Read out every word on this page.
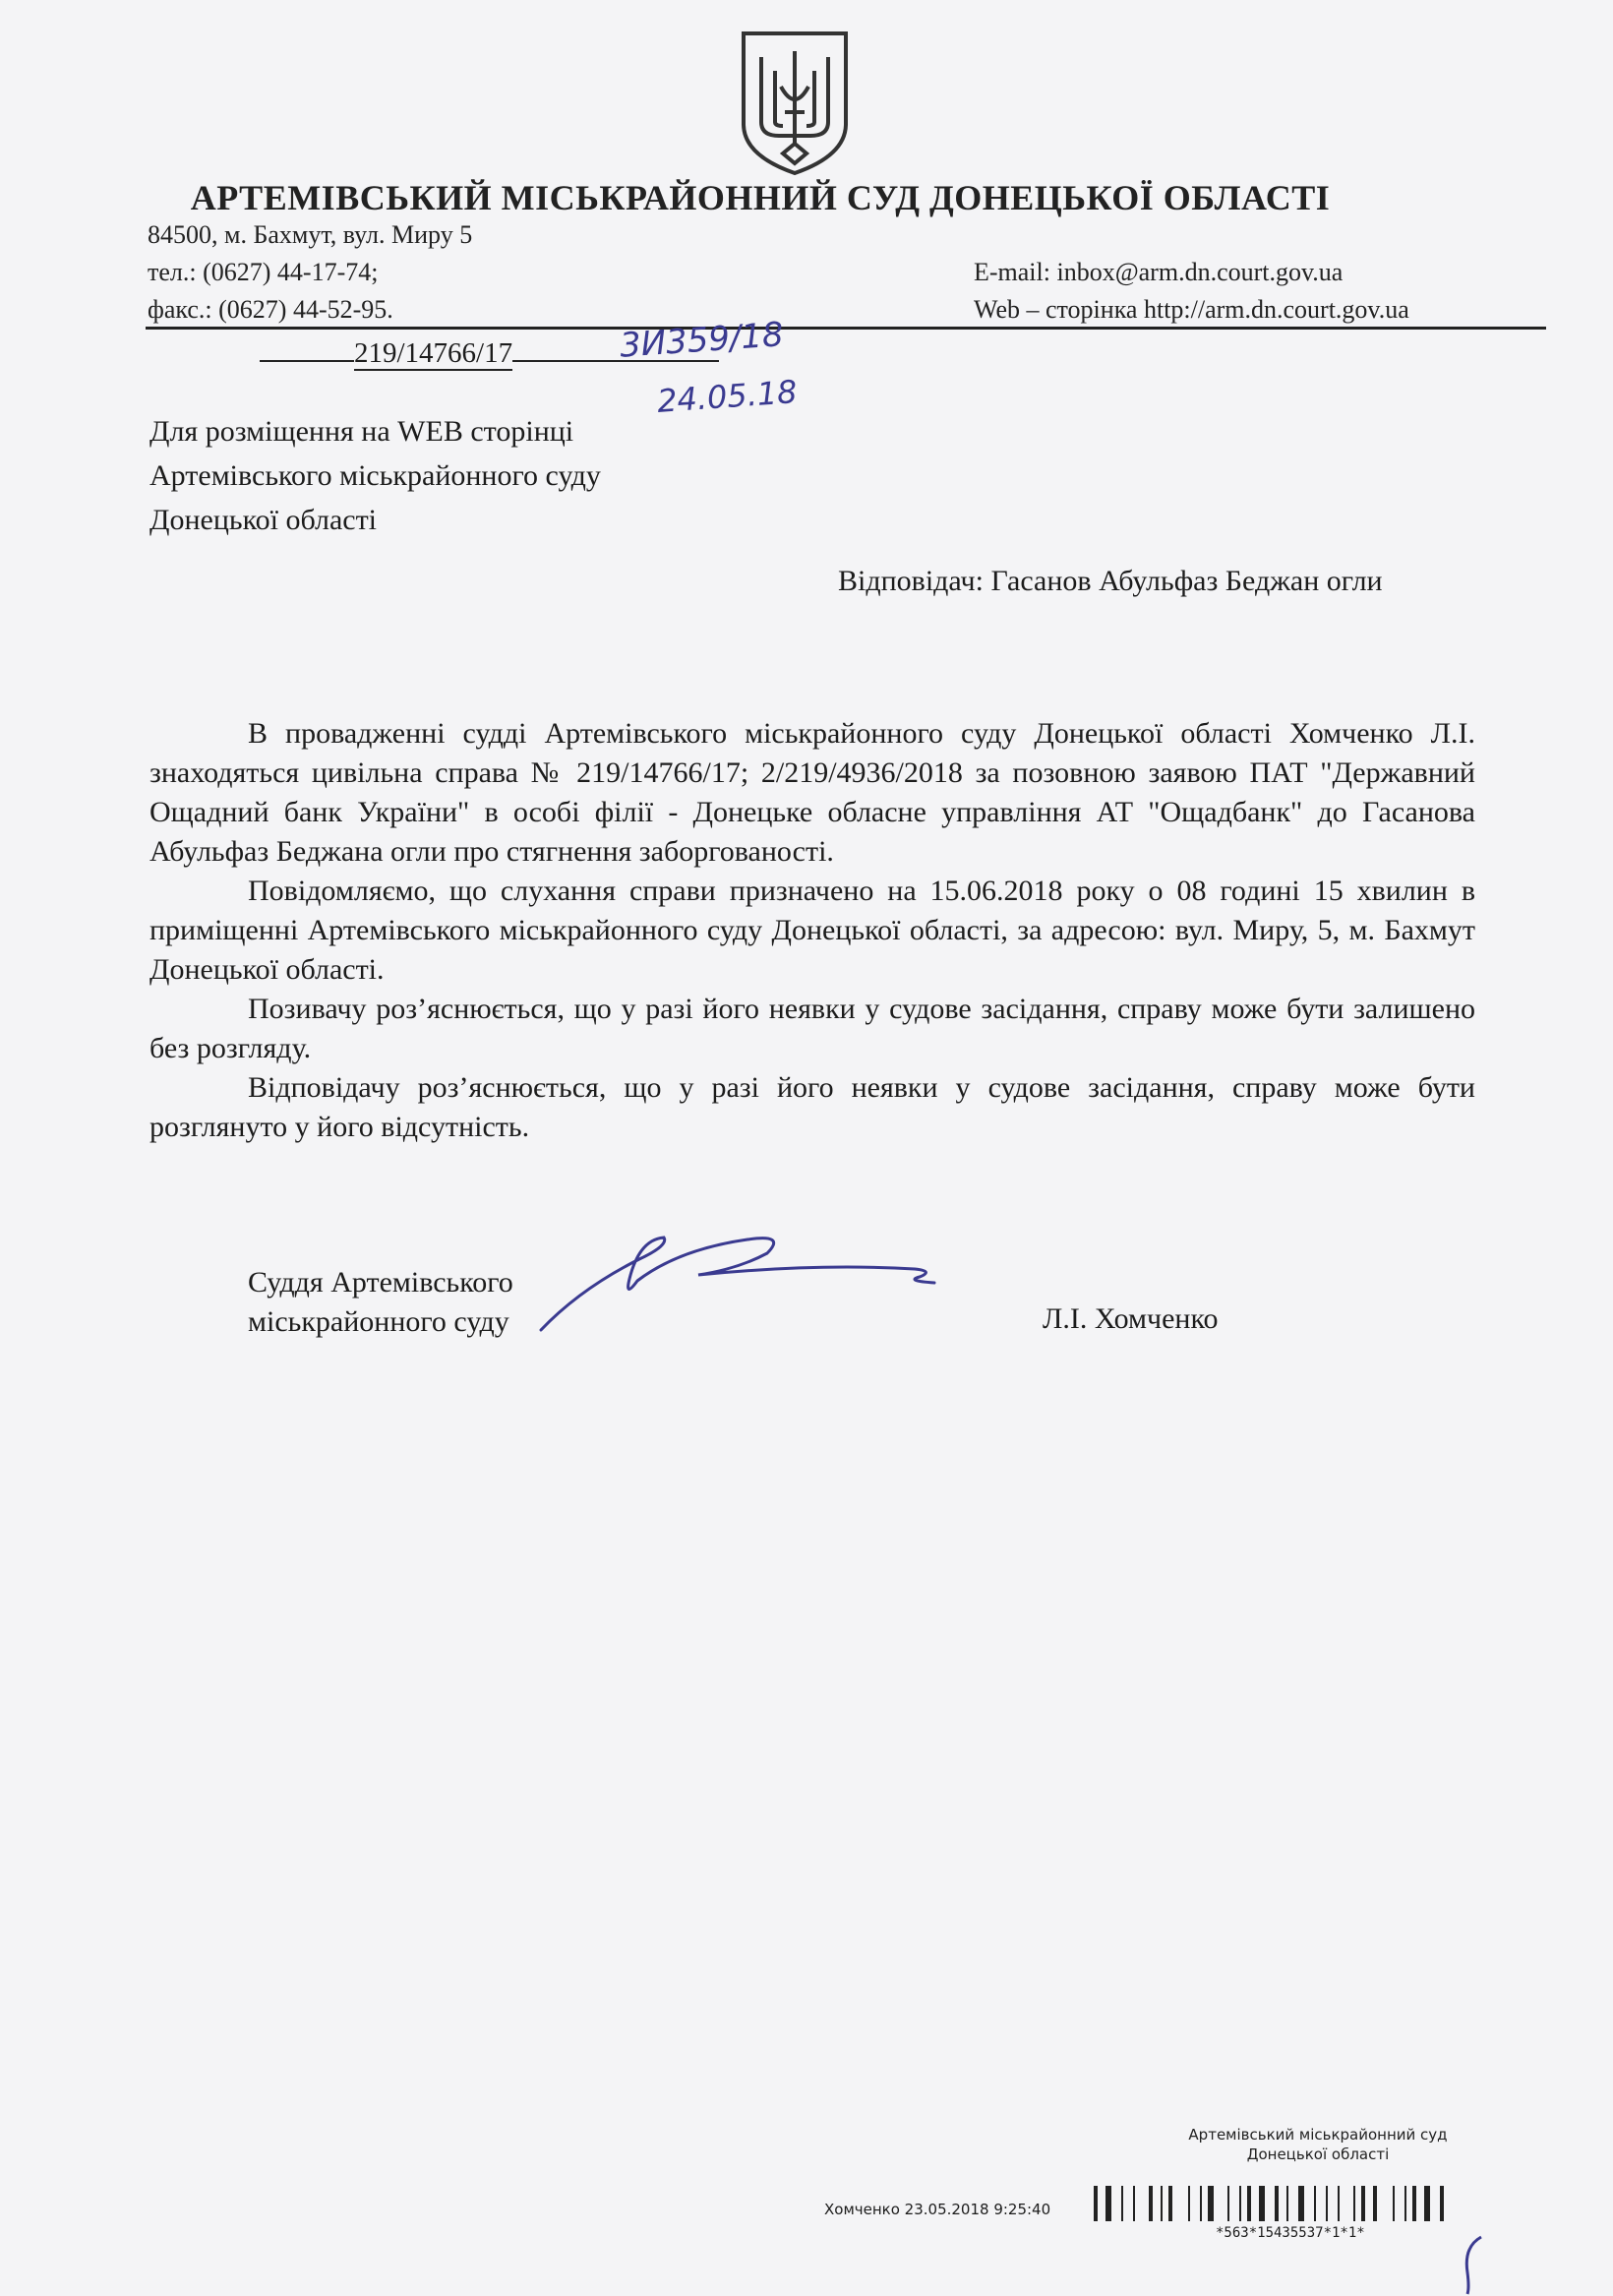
АРТЕМІВСЬКИЙ МІСЬКРАЙОННИЙ СУД ДОНЕЦЬКОЇ ОБЛАСТІ
84500, м. Бахмут, вул. Миру 5
тел.: (0627) 44-17-74;
факс.: (0627) 44-52-95.
E-mail: inbox@arm.dn.court.gov.ua
Web – сторінка http://arm.dn.court.gov.ua
219/14766/17	3И359/18
24.05.18
Для розміщення на WEB сторінці
Артемівського міськрайонного суду
Донецької області
Відповідач: Гасанов Абульфаз Беджан огли

В провадженні судді Артемівського міськрайонного суду Донецької області Хомченко Л.І. знаходяться цивільна справа № 219/14766/17; 2/219/4936/2018 за позовною заявою ПАТ "Державний Ощадний банк України" в особі філії - Донецьке обласне управління АТ "Ощадбанк" до Гасанова Абульфаз Беджана огли про стягнення заборгованості.

Повідомляємо, що слухання справи призначено на 15.06.2018 року о 08 годині 15 хвилин в приміщенні Артемівського міськрайонного суду Донецької області, за адресою: вул. Миру, 5, м. Бахмут Донецької області.

Позивачу роз’яснюється, що у разі його неявки у судове засідання, справу може бути залишено без розгляду.

Відповідачу роз’яснюється, що у разі його неявки у судове засідання, справу може бути розглянуто у його відсутність.

Суддя Артемівського
міськрайонного суду	Л.І. Хомченко
Артемівський міськрайонний суд
Донецької області
Хомченко 23.05.2018 9:25:40
*563*15435537*1*1*
